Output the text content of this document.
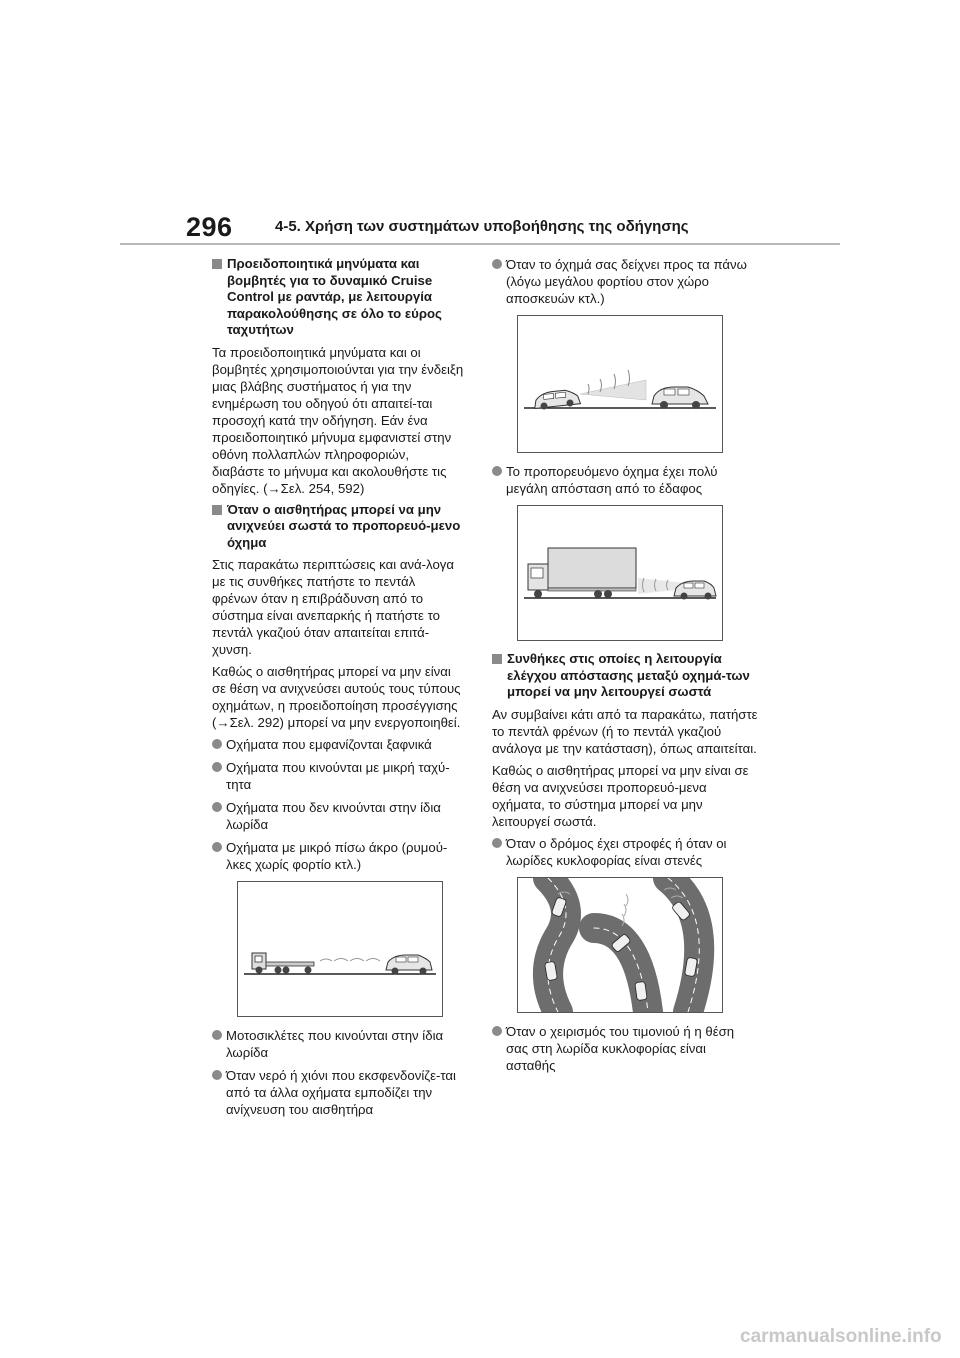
296	4-5. Χρήση των συστημάτων υποβοήθησης της οδήγησης
Προειδοποιητικά μηνύματα και βομβητές για το δυναμικό Cruise Control με ραντάρ, με λειτουργία παρακολούθησης σε όλο το εύρος ταχυτήτων

Τα προειδοποιητικά μηνύματα και οι βομβητές χρησιμοποιούνται για την ένδειξη μιας βλάβης συστήματος ή για την ενημέρωση του οδηγού ότι απαιτεί-ται προσοχή κατά την οδήγηση. Εάν ένα προειδοποιητικό μήνυμα εμφανιστεί στην οθόνη πολλαπλών πληροφοριών, διαβάστε το μήνυμα και ακολουθήστε τις οδηγίες. (→Σελ. 254, 592)

Όταν ο αισθητήρας μπορεί να μην ανιχνεύει σωστά το προπορευό-μενο όχημα

Στις παρακάτω περιπτώσεις και ανά-λογα με τις συνθήκες πατήστε το πεντάλ φρένων όταν η επιβράδυνση από το σύστημα είναι ανεπαρκής ή πατήστε το πεντάλ γκαζιού όταν απαιτείται επιτά-χυνση.

Καθώς ο αισθητήρας μπορεί να μην είναι σε θέση να ανιχνεύσει αυτούς τους τύπους οχημάτων, η προειδοποίηση προσέγγισης (→Σελ. 292) μπορεί να μην ενεργοποιηθεί.

Οχήματα που εμφανίζονται ξαφνικά
Οχήματα που κινούνται με μικρή ταχύ-τητα
Οχήματα που δεν κινούνται στην ίδια λωρίδα
Οχήματα με μικρό πίσω άκρο (ρυμού-λκες χωρίς φορτίο κτλ.)
Μοτοσικλέτες που κινούνται στην ίδια λωρίδα
Όταν νερό ή χιόνι που εκσφενδονίζε-ται από τα άλλα οχήματα εμποδίζει την ανίχνευση του αισθητήρα
Όταν το όχημά σας δείχνει προς τα πάνω (λόγω μεγάλου φορτίου στον χώρο αποσκευών κτλ.)
Το προπορευόμενο όχημα έχει πολύ μεγάλη απόσταση από το έδαφος
Συνθήκες στις οποίες η λειτουργία ελέγχου απόστασης μεταξύ οχημά-των μπορεί να μην λειτουργεί σωστά

Αν συμβαίνει κάτι από τα παρακάτω, πατήστε το πεντάλ φρένων (ή το πεντάλ γκαζιού ανάλογα με την κατάσταση), όπως απαιτείται.

Καθώς ο αισθητήρας μπορεί να μην είναι σε θέση να ανιχνεύσει προπορευό-μενα οχήματα, το σύστημα μπορεί να μην λειτουργεί σωστά.

Όταν ο δρόμος έχει στροφές ή όταν οι λωρίδες κυκλοφορίας είναι στενές
Όταν ο χειρισμός του τιμονιού ή η θέση σας στη λωρίδα κυκλοφορίας είναι ασταθής
carmanualsonline.info
